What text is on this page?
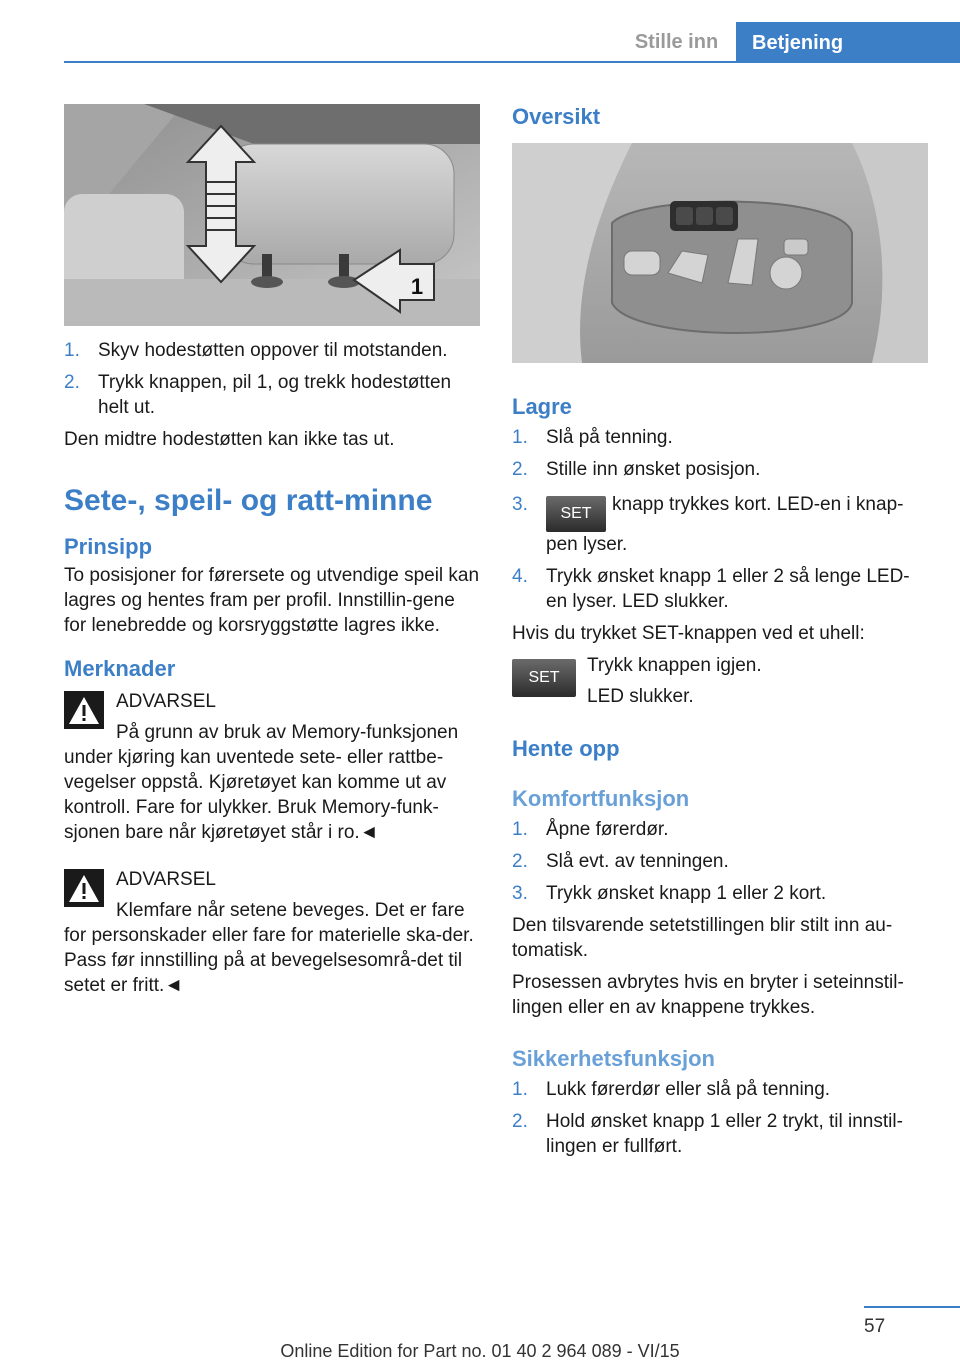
Stille inn	Betjening
1
1. Skyv hodestøtten oppover til motstanden.
2. Trykk knappen, pil 1, og trekk hodestøtten helt ut.

Den midtre hodestøtten kan ikke tas ut.

Sete-, speil- og ratt-minne
Prinsipp

To posisjoner for førersete og utvendige speil kan lagres og hentes fram per profil. Innstillin-gene for lenebredde og korsryggstøtte lagres ikke.

Merknader

ADVARSEL

På grunn av bruk av Memory-funksjonen under kjøring kan uventede sete- eller rattbe-vegelser oppstå. Kjøretøyet kan komme ut av kontroll. Fare for ulykker. Bruk Memory-funk-sjonen bare når kjøretøyet står i ro.◄

ADVARSEL

Klemfare når setene beveges. Det er fare for personskader eller fare for materielle ska-der. Pass før innstilling på at bevegelsesområ-det til setet er fritt.◄

Oversikt
Lagre
1. Slå på tenning.
2. Stille inn ønsket posisjon.
3. SET knapp trykkes kort. LED-en i knap-pen lyser.
4. Trykk ønsket knapp 1 eller 2 så lenge LED-en lyser. LED slukker.

Hvis du trykket SET-knappen ved et uhell:

SET

Trykk knappen igjen.

LED slukker.

Hente opp
Komfortfunksjon
1. Åpne førerdør.
2. Slå evt. av tenningen.
3. Trykk ønsket knapp 1 eller 2 kort.

Den tilsvarende setetstillingen blir stilt inn au-tomatisk.

Prosessen avbrytes hvis en bryter i seteinnstil-lingen eller en av knappene trykkes.

Sikkerhetsfunksjon
1. Lukk førerdør eller slå på tenning.
2. Hold ønsket knapp 1 eller 2 trykt, til innstil-lingen er fullført.
57
Online Edition for Part no. 01 40 2 964 089 - VI/15
